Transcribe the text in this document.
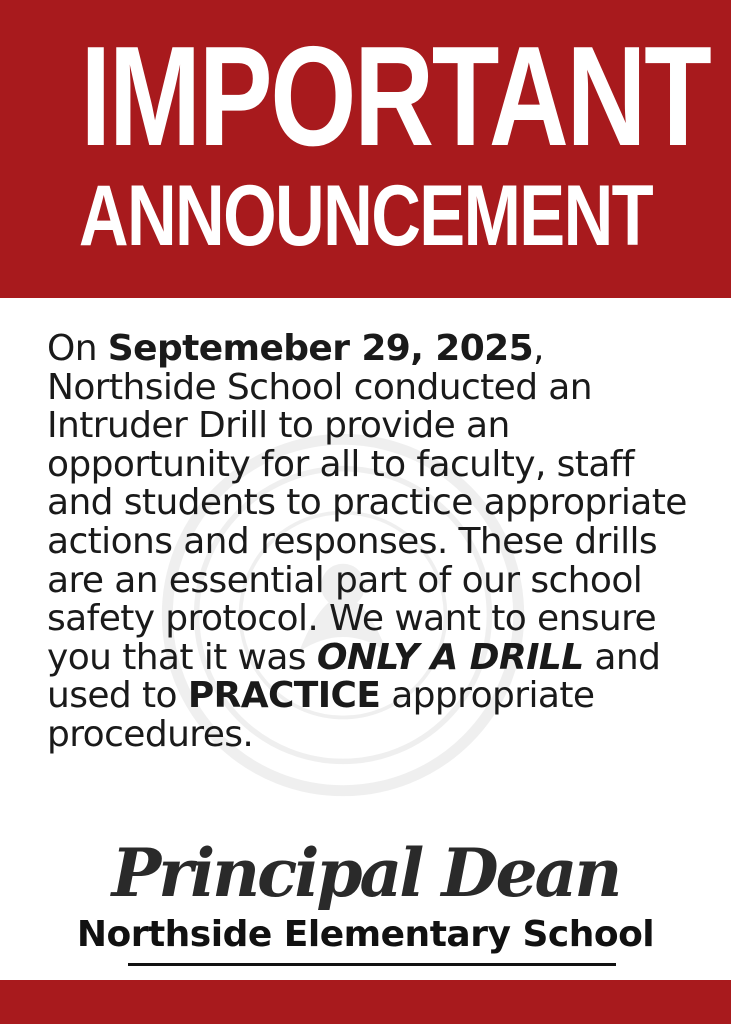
IMPORTANT
ANNOUNCEMENT
On Septemeber 29, 2025, Northside School conducted an Intruder Drill to provide an opportunity for all to faculty, staff and students to practice appropriate actions and responses. These drills are an essential part of our school safety protocol. We want to ensure you that it was ONLY A DRILL and used to PRACTICE appropriate procedures.
Principal Dean
Northside Elementary School
